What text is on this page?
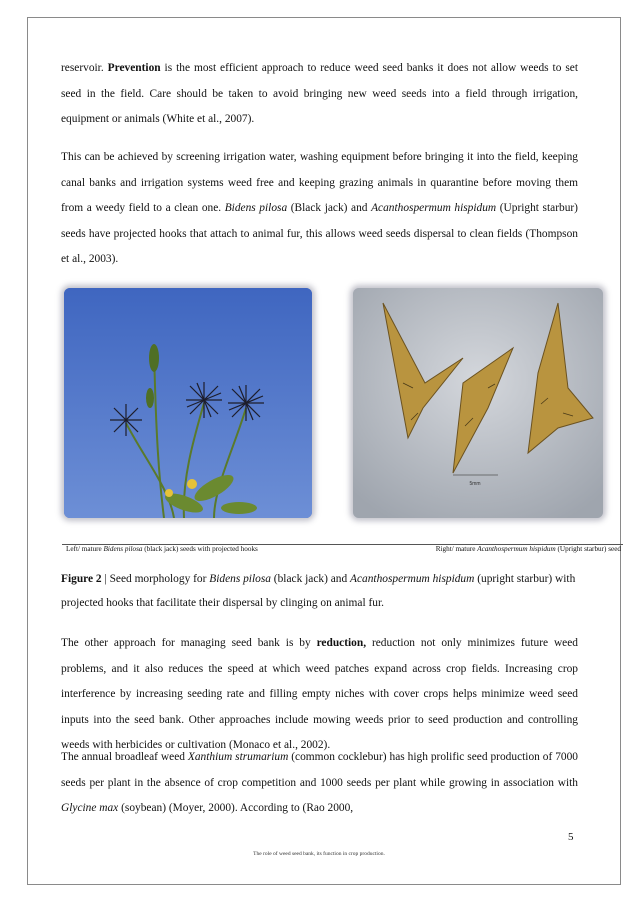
reservoir. Prevention is the most efficient approach to reduce weed seed banks it does not allow weeds to set seed in the field. Care should be taken to avoid bringing new weed seeds into a field through irrigation, equipment or animals (White et al., 2007).

This can be achieved by screening irrigation water, washing equipment before bringing it into the field, keeping canal banks and irrigation systems weed free and keeping grazing animals in quarantine before moving them from a weedy field to a clean one. Bidens pilosa (Black jack) and Acanthospermum hispidum (Upright starbur) seeds have projected hooks that attach to animal fur, this allows weed seeds dispersal to clean fields (Thompson et al., 2003).

5mm
Left/ mature Bidens pilosa (black jack) seeds with projected hooks	Right/ mature Acanthospermum hispidum (Upright starbur) seed
Figure 2 | Seed morphology for Bidens pilosa (black jack) and Acanthospermum hispidum (upright starbur) with projected hooks that facilitate their dispersal by clinging on animal fur.

The other approach for managing seed bank is by reduction, reduction not only minimizes future weed problems, and it also reduces the speed at which weed patches expand across crop fields. Increasing crop interference by increasing seeding rate and filling empty niches with cover crops helps minimize weed seed inputs into the seed bank. Other approaches include mowing weeds prior to seed production and controlling weeds with herbicides or cultivation (Monaco et al., 2002).

The annual broadleaf weed Xanthium strumarium (common cocklebur) has high prolific seed production of 7000 seeds per plant in the absence of crop competition and 1000 seeds per plant while growing in association with Glycine max (soybean) (Moyer, 2000). According to (Rao 2000,

5
The role of weed seed bank, its function in crop production.
